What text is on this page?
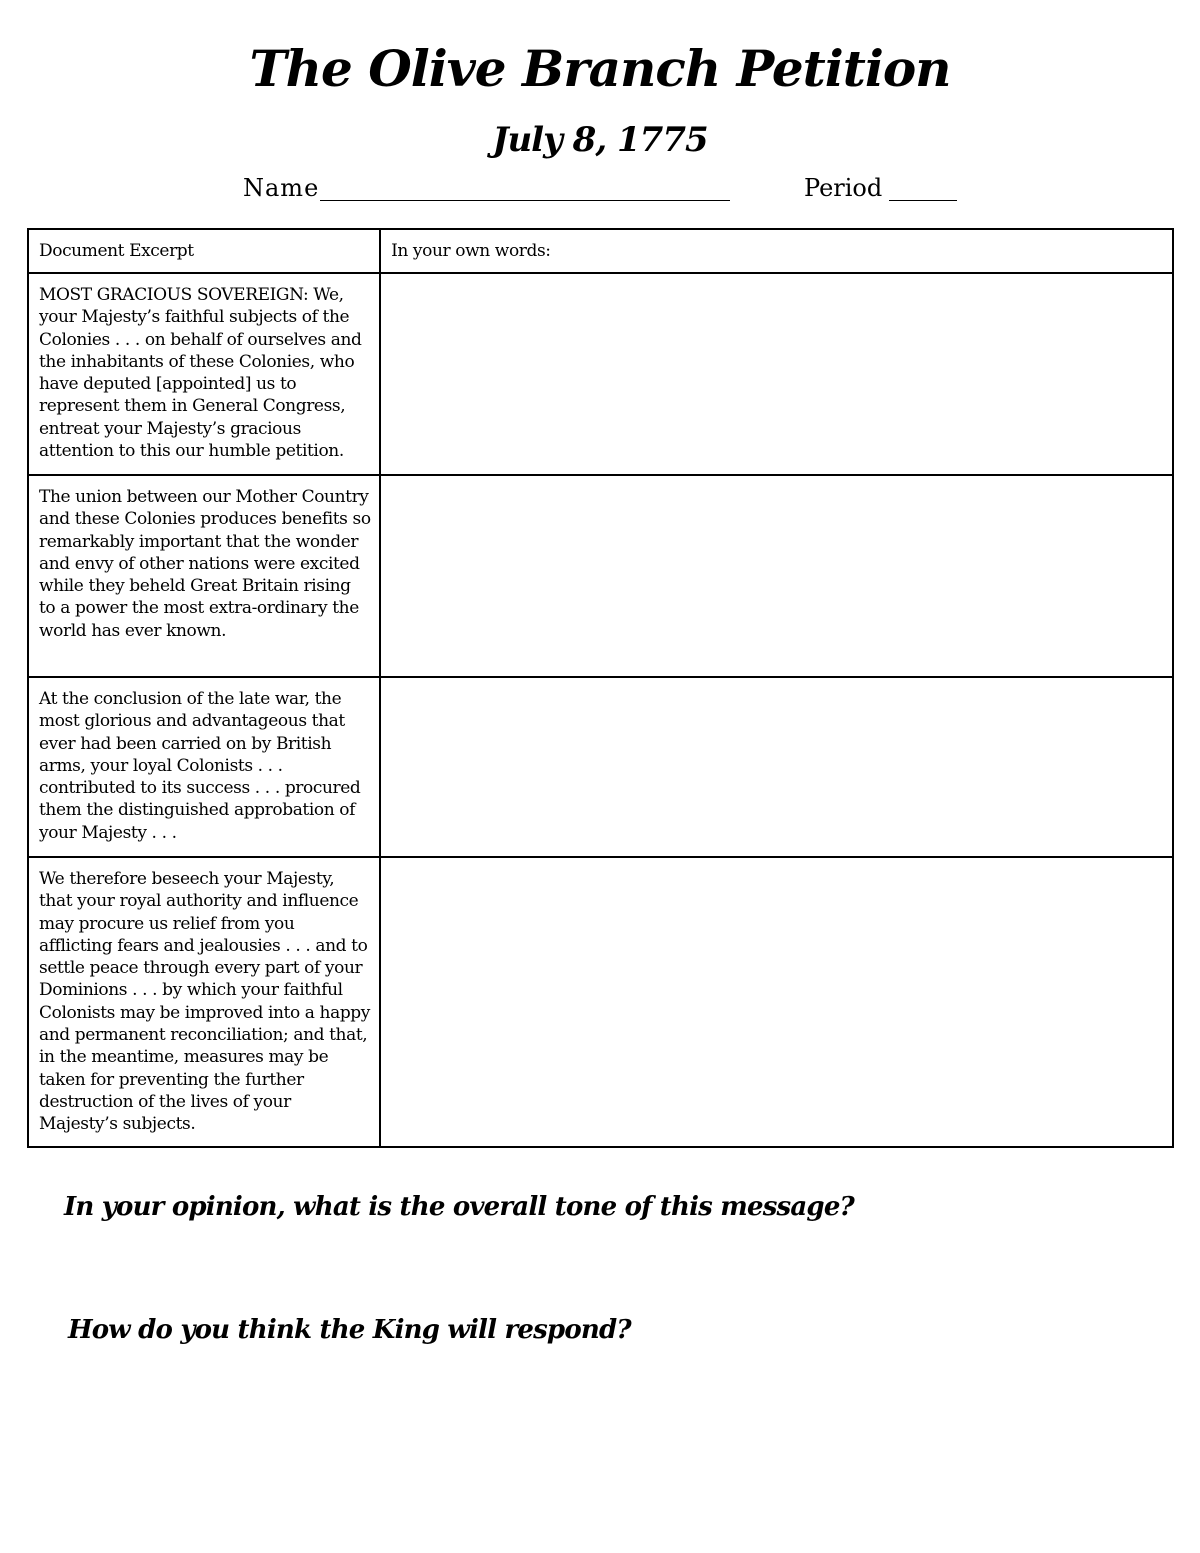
The Olive Branch Petition
July 8, 1775
Name	Period
Document Excerpt	In your own words:
MOST GRACIOUS SOVEREIGN: We, your Majesty’s faithful subjects of the Colonies . . . on behalf of ourselves and the inhabitants of these Colonies, who have deputed [appointed] us to represent them in General Congress, entreat your Majesty’s gracious attention to this our humble petition.	
The union between our Mother Country and these Colonies produces benefits so remarkably important that the wonder and envy of other nations were excited while they beheld Great Britain rising to a power the most extra-ordinary the world has ever known.	
At the conclusion of the late war, the most glorious and advantageous that ever had been carried on by British arms, your loyal Colonists . . . contributed to its success . . . procured them the distinguished approbation of your Majesty . . .	
We therefore beseech your Majesty, that your royal authority and influence may procure us relief from you afflicting fears and jealousies . . . and to settle peace through every part of your Dominions . . . by which your faithful Colonists may be improved into a happy and permanent reconciliation; and that, in the meantime, measures may be taken for preventing the further destruction of the lives of your Majesty’s subjects.	
In your opinion, what is the overall tone of this message?
How do you think the King will respond?
